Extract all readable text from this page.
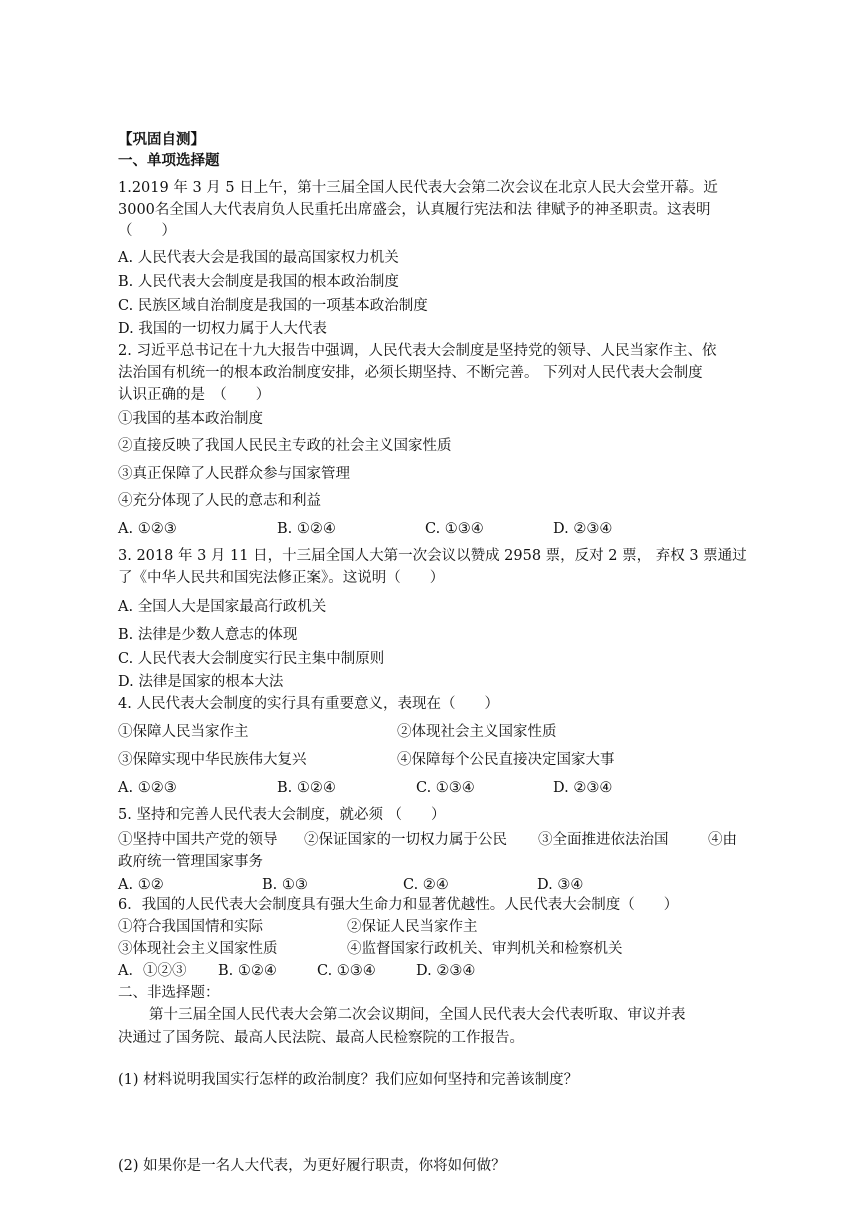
【巩固自测】
一、单项选择题
1.2019 年 3 月 5 日上午，第十三届全国人民代表大会第二次会议在北京人民大会堂开幕。近
3000名全国人大代表肩负人民重托出席盛会，认真履行宪法和法 律赋予的神圣职责。这表明
（　　）
A. 人民代表大会是我国的最高国家权力机关
B. 人民代表大会制度是我国的根本政治制度
C. 民族区域自治制度是我国的一项基本政治制度
D. 我国的一切权力属于人大代表
2. 习近平总书记在十九大报告中强调，人民代表大会制度是坚持党的领导、人民当家作主、依
法治国有机统一的根本政治制度安排，必须长期坚持、不断完善。 下列对人民代表大会制度
认识正确的是　（　　）
①我国的基本政治制度
②直接反映了我国人民民主专政的社会主义国家性质
③真正保障了人民群众参与国家管理
④充分体现了人民的意志和利益
A. ①②③	B. ①②④	C. ①③④	D. ②③④
3. 2018 年 3 月 11 日，十三届全国人大第一次会议以赞成 2958 票，反对 2 票， 弃权 3 票通过
了《中华人民共和国宪法修正案》。这说明（　　）
A. 全国人大是国家最高行政机关
B. 法律是少数人意志的体现
C. 人民代表大会制度实行民主集中制原则
D. 法律是国家的根本大法
4. 人民代表大会制度的实行具有重要意义，表现在（　　）
①保障人民当家作主	②体现社会主义国家性质
③保障实现中华民族伟大复兴	④保障每个公民直接决定国家大事
A. ①②③	B. ①②④	C. ①③④	D. ②③④
5. 坚持和完善人民代表大会制度，就必须 （　　）
①坚持中国共产党的领导 ②保证国家的一切权力属于公民 ③全面推进依法治国	④由
政府统一管理国家事务
A. ①②	B. ①③	C. ②④	D. ③④
6．我国的人民代表大会制度具有强大生命力和显著优越性。人民代表大会制度（　　）
①符合我国国情和实际	②保证人民当家作主
③体现社会主义国家性质	④监督国家行政机关、审判机关和检察机关
A．①②③ B. ①②④	C. ①③④	D. ②③④
二、非选择题：
第十三届全国人民代表大会第二次会议期间，全国人民代表大会代表听取、审议并表
决通过了国务院、最高人民法院、最高人民检察院的工作报告。
(1) 材料说明我国实行怎样的政治制度？我们应如何坚持和完善该制度？
(2) 如果你是一名人大代表，为更好履行职责，你将如何做？
